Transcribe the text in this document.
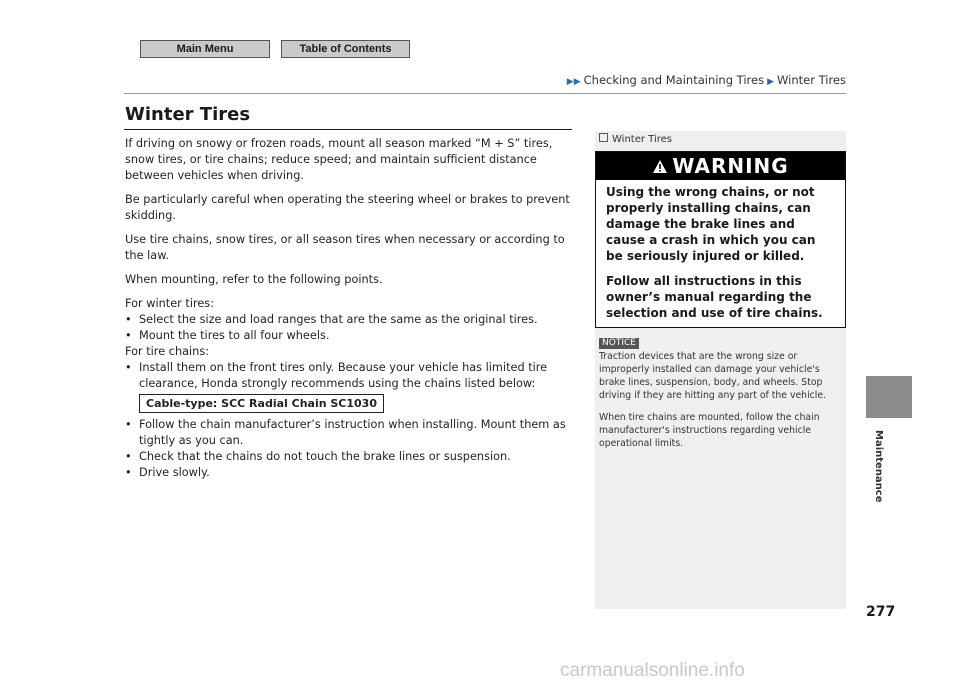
Main Menu	Table of Contents
▶▶ Checking and Maintaining Tires ▶ Winter Tires
Winter Tires

If driving on snowy or frozen roads, mount all season marked “M + S” tires, snow tires, or tire chains; reduce speed; and maintain sufficient distance between vehicles when driving.

Be particularly careful when operating the steering wheel or brakes to prevent skidding.

Use tire chains, snow tires, or all season tires when necessary or according to the law.

When mounting, refer to the following points.

For winter tires:

• Select the size and load ranges that are the same as the original tires.
• Mount the tires to all four wheels.

For tire chains:

• Install them on the front tires only. Because your vehicle has limited tire clearance, Honda strongly recommends using the chains listed below:
Cable-type: SCC Radial Chain SC1030
• Follow the chain manufacturer’s instruction when installing. Mount them as tightly as you can.
• Check that the chains do not touch the brake lines or suspension.
• Drive slowly.
Winter Tires
WARNING

Using the wrong chains, or not properly installing chains, can damage the brake lines and cause a crash in which you can be seriously injured or killed.

Follow all instructions in this owner’s manual regarding the selection and use of tire chains.

NOTICE

Traction devices that are the wrong size or improperly installed can damage your vehicle's brake lines, suspension, body, and wheels. Stop driving if they are hitting any part of the vehicle.

When tire chains are mounted, follow the chain manufacturer's instructions regarding vehicle operational limits.	Maintenance
277
carmanualsonline.info
